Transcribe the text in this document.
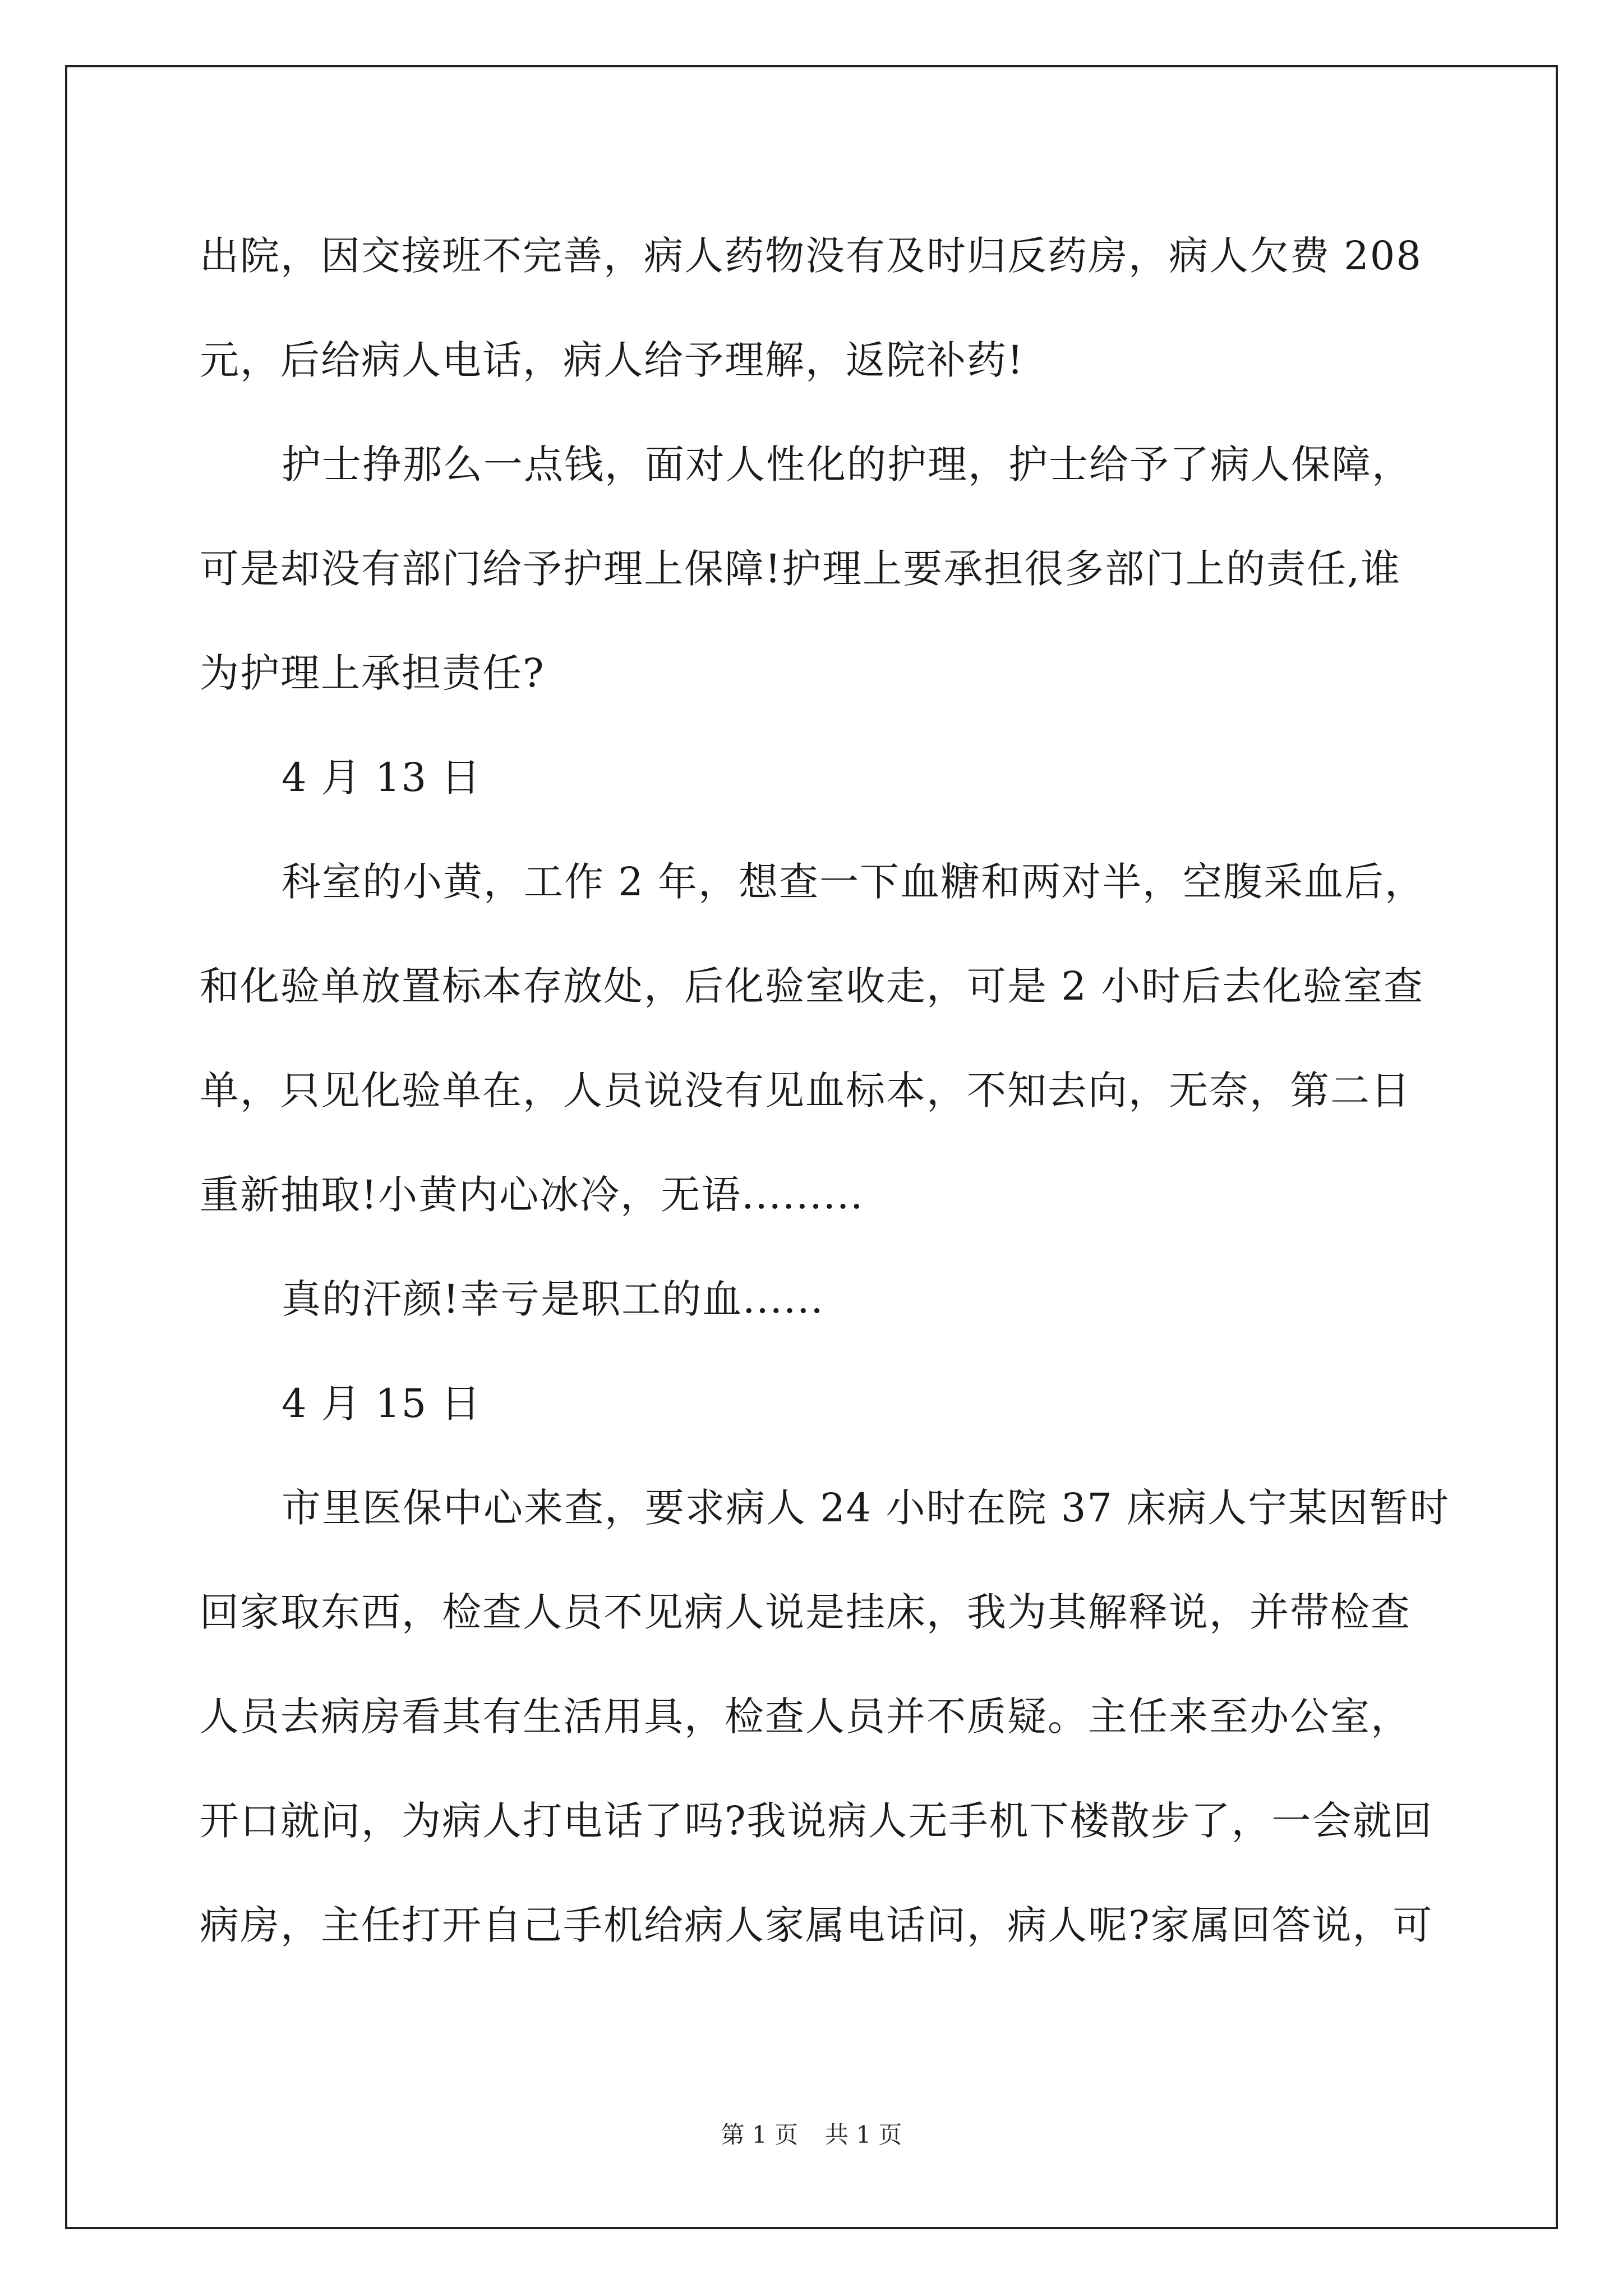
出院，因交接班不完善，病人药物没有及时归反药房，病人欠费 208
元，后给病人电话，病人给予理解，返院补药!
护士挣那么一点钱，面对人性化的护理，护士给予了病人保障，
可是却没有部门给予护理上保障!护理上要承担很多部门上的责任,谁
为护理上承担责任?
4 月 13 日
科室的小黄，工作 2 年，想查一下血糖和两对半，空腹采血后，
和化验单放置标本存放处，后化验室收走，可是 2 小时后去化验室查
单，只见化验单在，人员说没有见血标本，不知去向，无奈，第二日
重新抽取!小黄内心冰冷，无语.........
真的汗颜!幸亏是职工的血......
4 月 15 日
市里医保中心来查，要求病人 24 小时在院 37 床病人宁某因暂时
回家取东西，检查人员不见病人说是挂床，我为其解释说，并带检查
人员去病房看其有生活用具，检查人员并不质疑。主任来至办公室，
开口就问，为病人打电话了吗?我说病人无手机下楼散步了，一会就回
病房，主任打开自己手机给病人家属电话问，病人呢?家属回答说，可
第 1 页 共 1 页
